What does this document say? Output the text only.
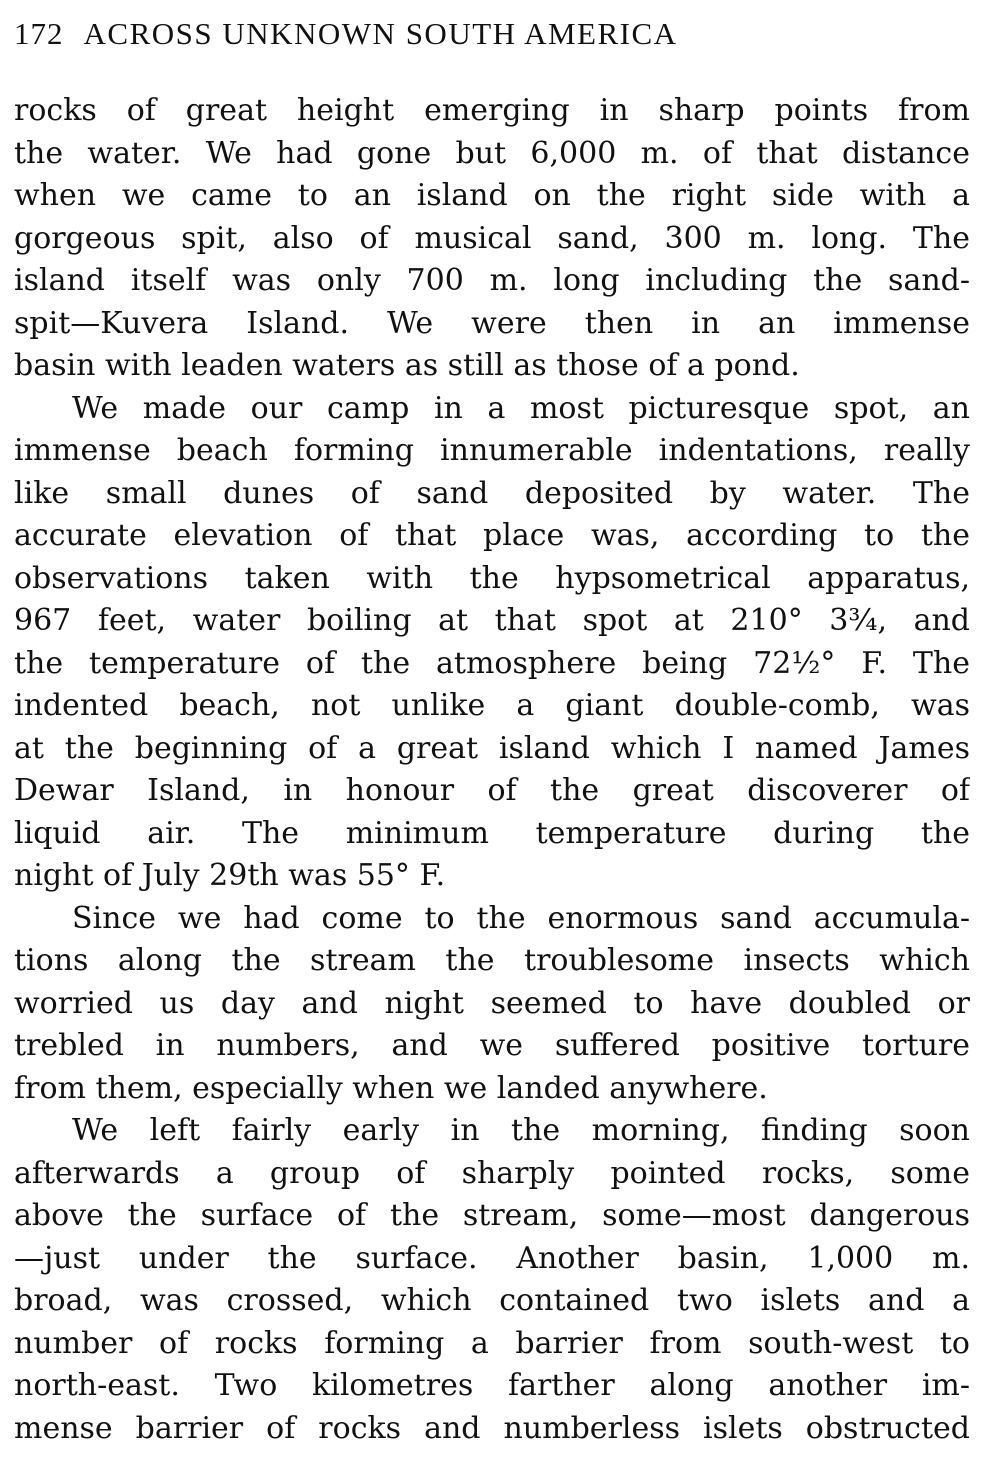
172 ACROSS UNKNOWN SOUTH AMERICA
rocks of great height emerging in sharp points from
the water. We had gone but 6,000 m. of that distance
when we came to an island on the right side with a
gorgeous spit, also of musical sand, 300 m. long. The
island itself was only 700 m. long including the sand-
spit—Kuvera Island. We were then in an immense
basin with leaden waters as still as those of a pond.
We made our camp in a most picturesque spot, an
immense beach forming innumerable indentations, really
like small dunes of sand deposited by water. The
accurate elevation of that place was, according to the
observations taken with the hypsometrical apparatus,
967 feet, water boiling at that spot at 210° 3¾, and
the temperature of the atmosphere being 72½° F. The
indented beach, not unlike a giant double-comb, was
at the beginning of a great island which I named James
Dewar Island, in honour of the great discoverer of
liquid air. The minimum temperature during the
night of July 29th was 55° F.
Since we had come to the enormous sand accumula-
tions along the stream the troublesome insects which
worried us day and night seemed to have doubled or
trebled in numbers, and we suffered positive torture
from them, especially when we landed anywhere.
We left fairly early in the morning, finding soon
afterwards a group of sharply pointed rocks, some
above the surface of the stream, some—most dangerous
—just under the surface. Another basin, 1,000 m.
broad, was crossed, which contained two islets and a
number of rocks forming a barrier from south-west to
north-east. Two kilometres farther along another im-
mense barrier of rocks and numberless islets obstructed
